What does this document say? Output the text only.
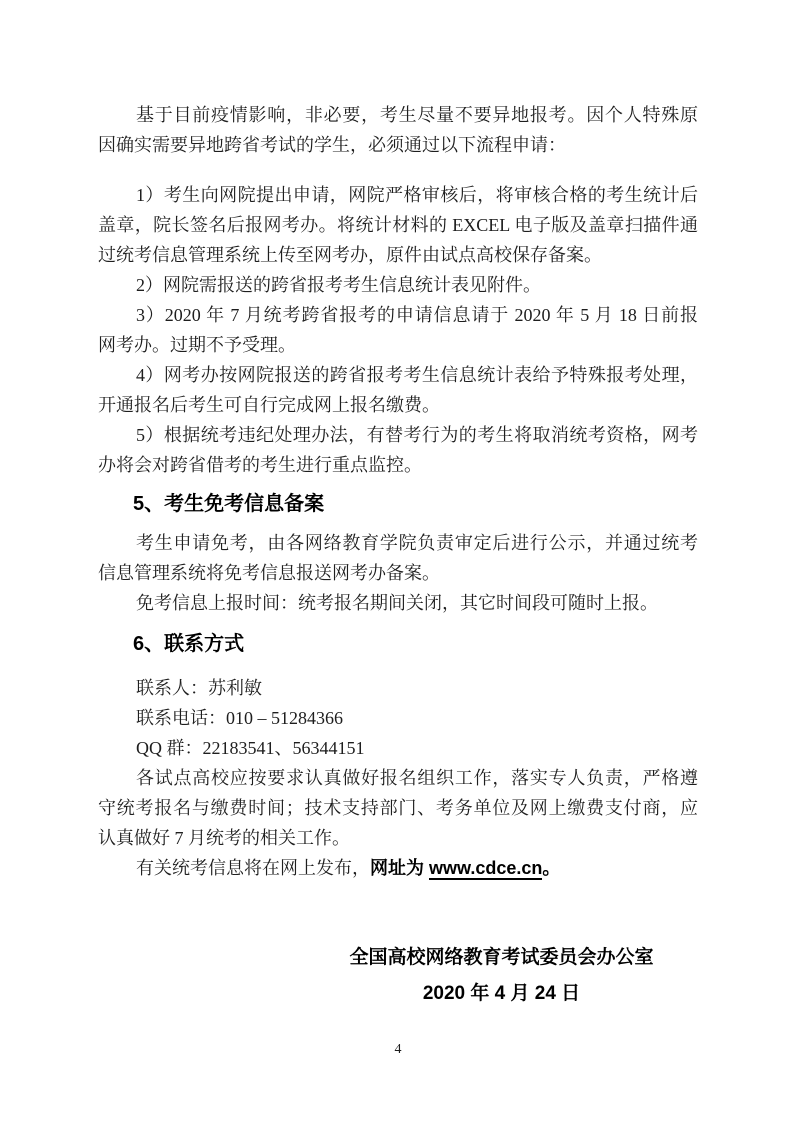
基于目前疫情影响，非必要，考生尽量不要异地报考。因个人特殊原
因确实需要异地跨省考试的学生，必须通过以下流程申请：
1）考生向网院提出申请，网院严格审核后，将审核合格的考生统计后
盖章，院长签名后报网考办。将统计材料的 EXCEL 电子版及盖章扫描件通
过统考信息管理系统上传至网考办，原件由试点高校保存备案。
2）网院需报送的跨省报考考生信息统计表见附件。
3）2020 年 7 月统考跨省报考的申请信息请于 2020 年 5 月 18 日前报
网考办。过期不予受理。
4）网考办按网院报送的跨省报考考生信息统计表给予特殊报考处理，
开通报名后考生可自行完成网上报名缴费。
5）根据统考违纪处理办法，有替考行为的考生将取消统考资格，网考
办将会对跨省借考的考生进行重点监控。
5、考生免考信息备案
考生申请免考，由各网络教育学院负责审定后进行公示，并通过统考
信息管理系统将免考信息报送网考办备案。
免考信息上报时间：统考报名期间关闭，其它时间段可随时上报。
6、联系方式
联系人：苏利敏
联系电话：010 – 51284366
QQ 群：22183541、56344151
各试点高校应按要求认真做好报名组织工作，落实专人负责，严格遵
守统考报名与缴费时间；技术支持部门、考务单位及网上缴费支付商，应
认真做好 7 月统考的相关工作。
有关统考信息将在网上发布，网址为 www.cdce.cn。
全国高校网络教育考试委员会办公室
2020 年 4 月 24 日
4
